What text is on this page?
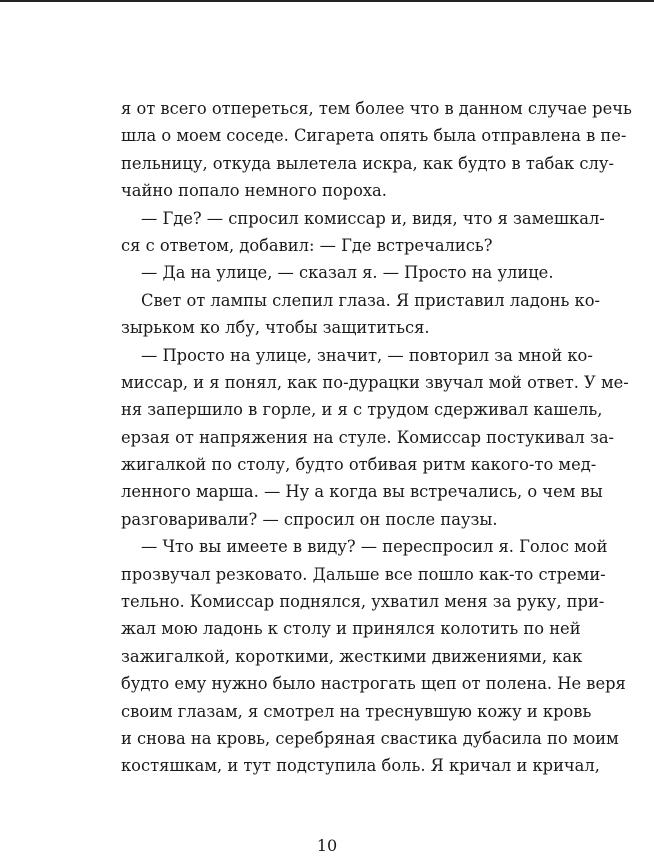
я от всего отпереться, тем более что в данном случае речь
шла о моем соседе. Сигарета опять была отправлена в пе-
пельницу, откуда вылетела искра, как будто в табак слу-
чайно попало немного пороха.
— Где? — спросил комиссар и, видя, что я замешкал-
ся с ответом, добавил: — Где встречались?
— Да на улице, — сказал я. — Просто на улице.
Свет от лампы слепил глаза. Я приставил ладонь ко-
зырьком ко лбу, чтобы защититься.
— Просто на улице, значит, — повторил за мной ко-
миссар, и я понял, как по-дурацки звучал мой ответ. У ме-
ня запершило в горле, и я с трудом сдерживал кашель,
ерзая от напряжения на стуле. Комиссар постукивал за-
жигалкой по столу, будто отбивая ритм какого-то мед-
ленного марша. — Ну а когда вы встречались, о чем вы
разговаривали? — спросил он после паузы.
— Что вы имеете в виду? — переспросил я. Голос мой
прозвучал резковато. Дальше все пошло как-то стреми-
тельно. Комиссар поднялся, ухватил меня за руку, при-
жал мою ладонь к столу и принялся колотить по ней
зажигалкой, короткими, жесткими движениями, как
будто ему нужно было настрогать щеп от полена. Не веря
своим глазам, я смотрел на треснувшую кожу и кровь
и снова на кровь, серебряная свастика дубасила по моим
костяшкам, и тут подступила боль. Я кричал и кричал,
10
